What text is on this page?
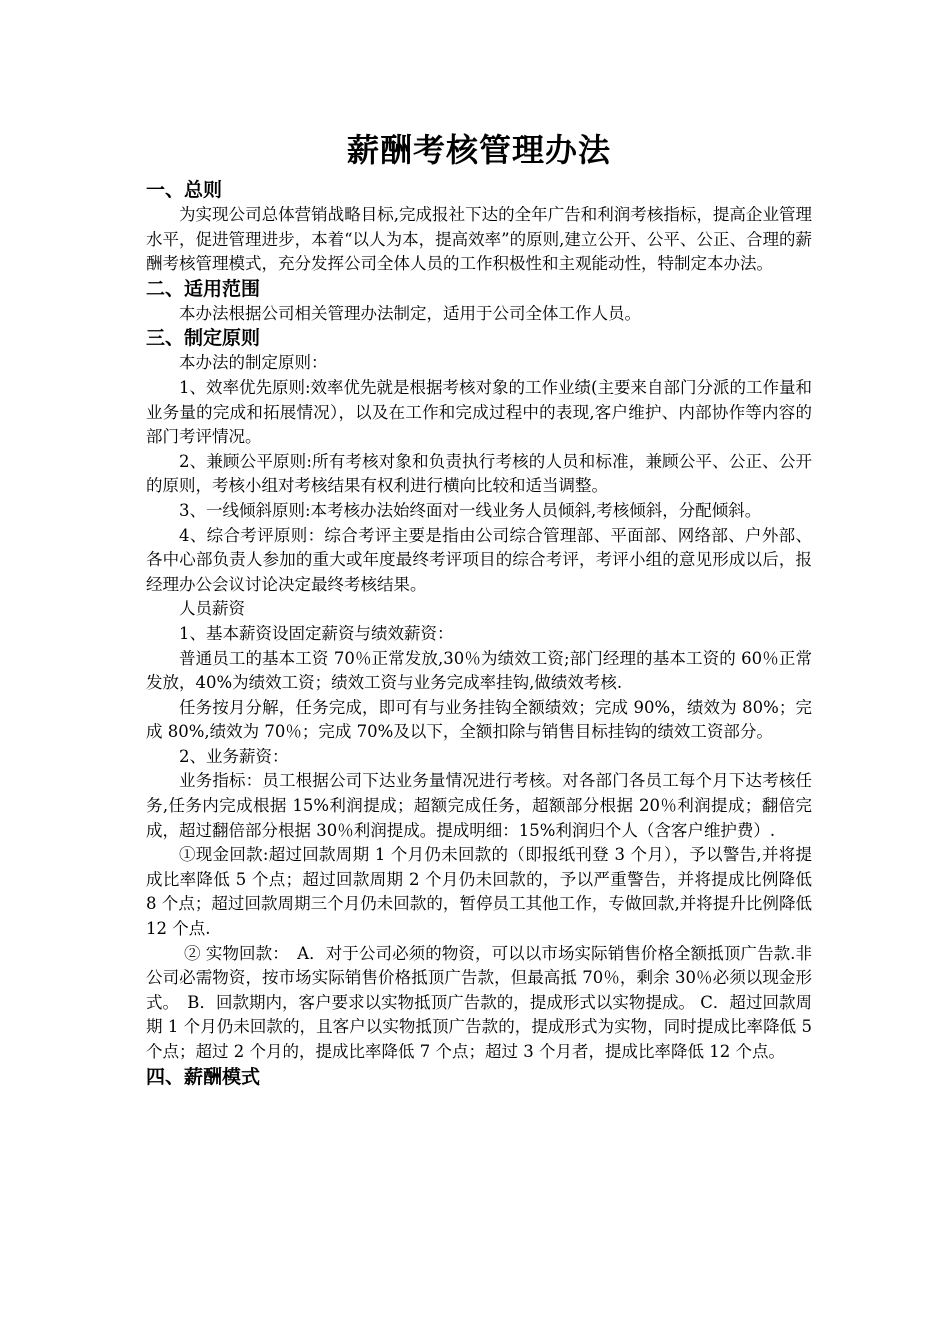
薪酬考核管理办法
一、总则

为实现公司总体营销战略目标,完成报社下达的全年广告和利润考核指标，提高企业管理水平，促进管理进步，本着“以人为本，提高效率”的原则,建立公开、公平、公正、合理的薪酬考核管理模式，充分发挥公司全体人员的工作积极性和主观能动性，特制定本办法。

二、适用范围

本办法根据公司相关管理办法制定，适用于公司全体工作人员。

三、制定原则

本办法的制定原则：

1、效率优先原则:效率优先就是根据考核对象的工作业绩(主要来自部门分派的工作量和业务量的完成和拓展情况），以及在工作和完成过程中的表现,客户维护、内部协作等内容的部门考评情况。

2、兼顾公平原则:所有考核对象和负责执行考核的人员和标准，兼顾公平、公正、公开的原则，考核小组对考核结果有权利进行横向比较和适当调整。

3、一线倾斜原则:本考核办法始终面对一线业务人员倾斜,考核倾斜，分配倾斜。

4、综合考评原则：综合考评主要是指由公司综合管理部、平面部、网络部、户外部、各中心部负责人参加的重大或年度最终考评项目的综合考评，考评小组的意见形成以后，报经理办公会议讨论决定最终考核结果。

人员薪资

1、基本薪资设固定薪资与绩效薪资：

普通员工的基本工资 70％正常发放,30％为绩效工资;部门经理的基本工资的 60％正常发放，40%为绩效工资；绩效工资与业务完成率挂钩,做绩效考核.

任务按月分解，任务完成，即可有与业务挂钩全额绩效；完成 90%，绩效为 80%；完成 80%,绩效为 70％；完成 70%及以下，全额扣除与销售目标挂钩的绩效工资部分。

2、业务薪资：

业务指标：员工根据公司下达业务量情况进行考核。对各部门各员工每个月下达考核任务,任务内完成根据 15%利润提成；超额完成任务，超额部分根据 20％利润提成；翻倍完成，超过翻倍部分根据 30％利润提成。提成明细：15%利润归个人（含客户维护费）.

①现金回款:超过回款周期 1 个月仍未回款的（即报纸刊登 3 个月），予以警告,并将提成比率降低 5 个点；超过回款周期 2 个月仍未回款的，予以严重警告，并将提成比例降低 8 个点；超过回款周期三个月仍未回款的，暂停员工其他工作，专做回款,并将提升比例降低 12 个点.

② 实物回款：　A．对于公司必须的物资，可以以市场实际销售价格全额抵顶广告款.非公司必需物资，按市场实际销售价格抵顶广告款，但最高抵 70％，剩余 30％必须以现金形式。　B．回款期内，客户要求以实物抵顶广告款的，提成形式以实物提成。 C．超过回款周期 1 个月仍未回款的，且客户以实物抵顶广告款的，提成形式为实物，同时提成比率降低 5 个点；超过 2 个月的，提成比率降低 7 个点；超过 3 个月者，提成比率降低 12 个点。

四、薪酬模式
